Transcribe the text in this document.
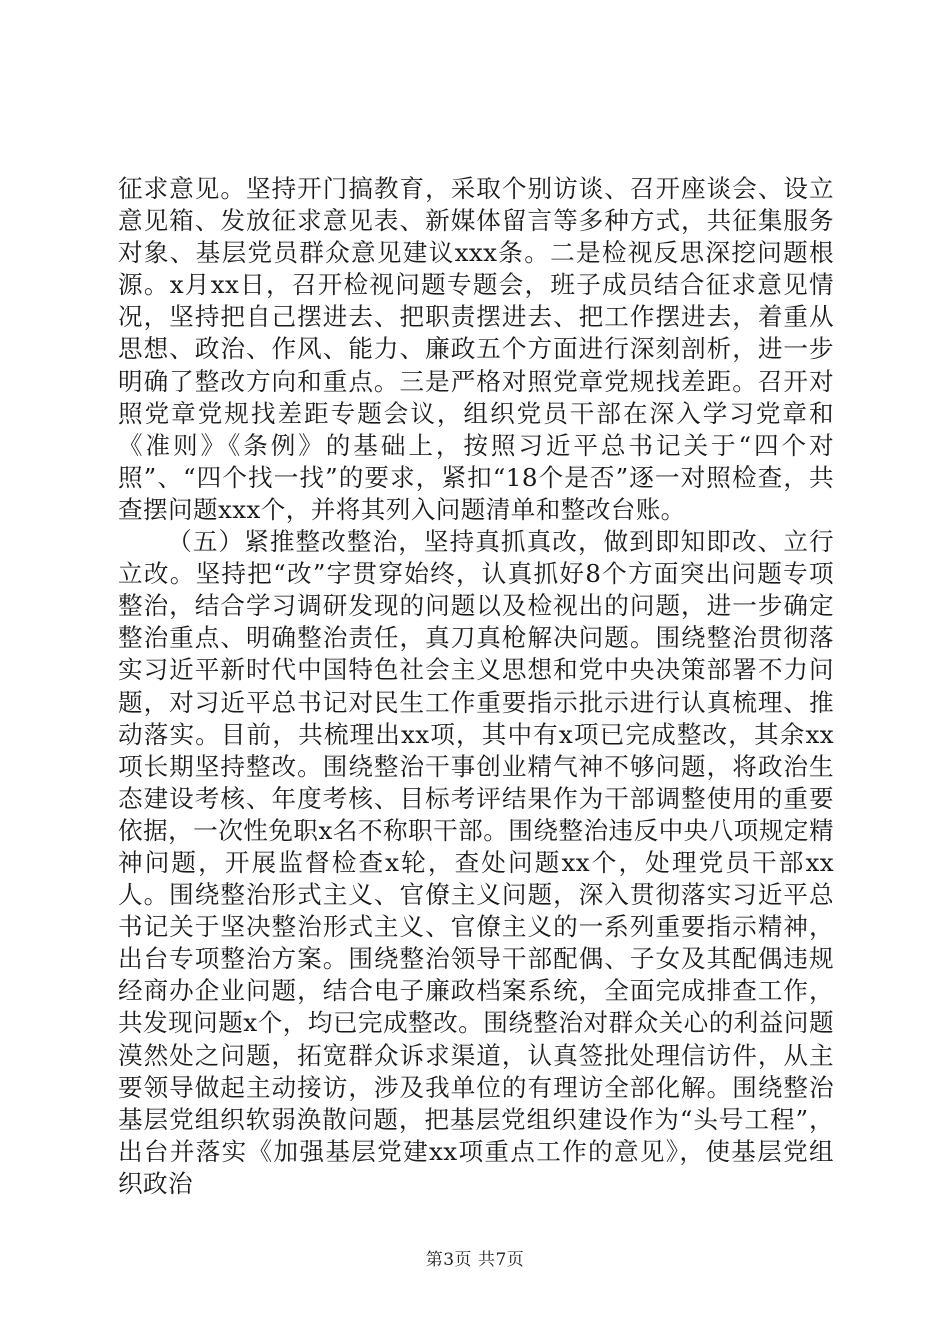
征求意见。坚持开门搞教育，采取个别访谈、召开座谈会、设立意见箱、发放征求意见表、新媒体留言等多种方式，共征集服务对象、基层党员群众意见建议xxx条。二是检视反思深挖问题根源。x月xx日，召开检视问题专题会，班子成员结合征求意见情况，坚持把自己摆进去、把职责摆进去、把工作摆进去，着重从思想、政治、作风、能力、廉政五个方面进行深刻剖析，进一步明确了整改方向和重点。三是严格对照党章党规找差距。召开对照党章党规找差距专题会议，组织党员干部在深入学习党章和《准则》《条例》的基础上，按照习近平总书记关于“四个对照”、“四个找一找”的要求，紧扣“18个是否”逐一对照检查，共查摆问题xxx个，并将其列入问题清单和整改台账。

（五）紧推整改整治，坚持真抓真改，做到即知即改、立行立改。坚持把“改”字贯穿始终，认真抓好8个方面突出问题专项整治，结合学习调研发现的问题以及检视出的问题，进一步确定整治重点、明确整治责任，真刀真枪解决问题。围绕整治贯彻落实习近平新时代中国特色社会主义思想和党中央决策部署不力问题，对习近平总书记对民生工作重要指示批示进行认真梳理、推动落实。目前，共梳理出xx项，其中有x项已完成整改，其余xx项长期坚持整改。围绕整治干事创业精气神不够问题，将政治生态建设考核、年度考核、目标考评结果作为干部调整使用的重要依据，一次性免职x名不称职干部。围绕整治违反中央八项规定精神问题，开展监督检查x轮，查处问题xx个，处理党员干部xx人。围绕整治形式主义、官僚主义问题，深入贯彻落实习近平总书记关于坚决整治形式主义、官僚主义的一系列重要指示精神，出台专项整治方案。围绕整治领导干部配偶、子女及其配偶违规经商办企业问题，结合电子廉政档案系统，全面完成排查工作，共发现问题x个，均已完成整改。围绕整治对群众关心的利益问题漠然处之问题，拓宽群众诉求渠道，认真签批处理信访件，从主要领导做起主动接访，涉及我单位的有理访全部化解。围绕整治基层党组织软弱涣散问题，把基层党组织建设作为“头号工程”，出台并落实《加强基层党建xx项重点工作的意见》，使基层党组织政治

第3页 共7页
